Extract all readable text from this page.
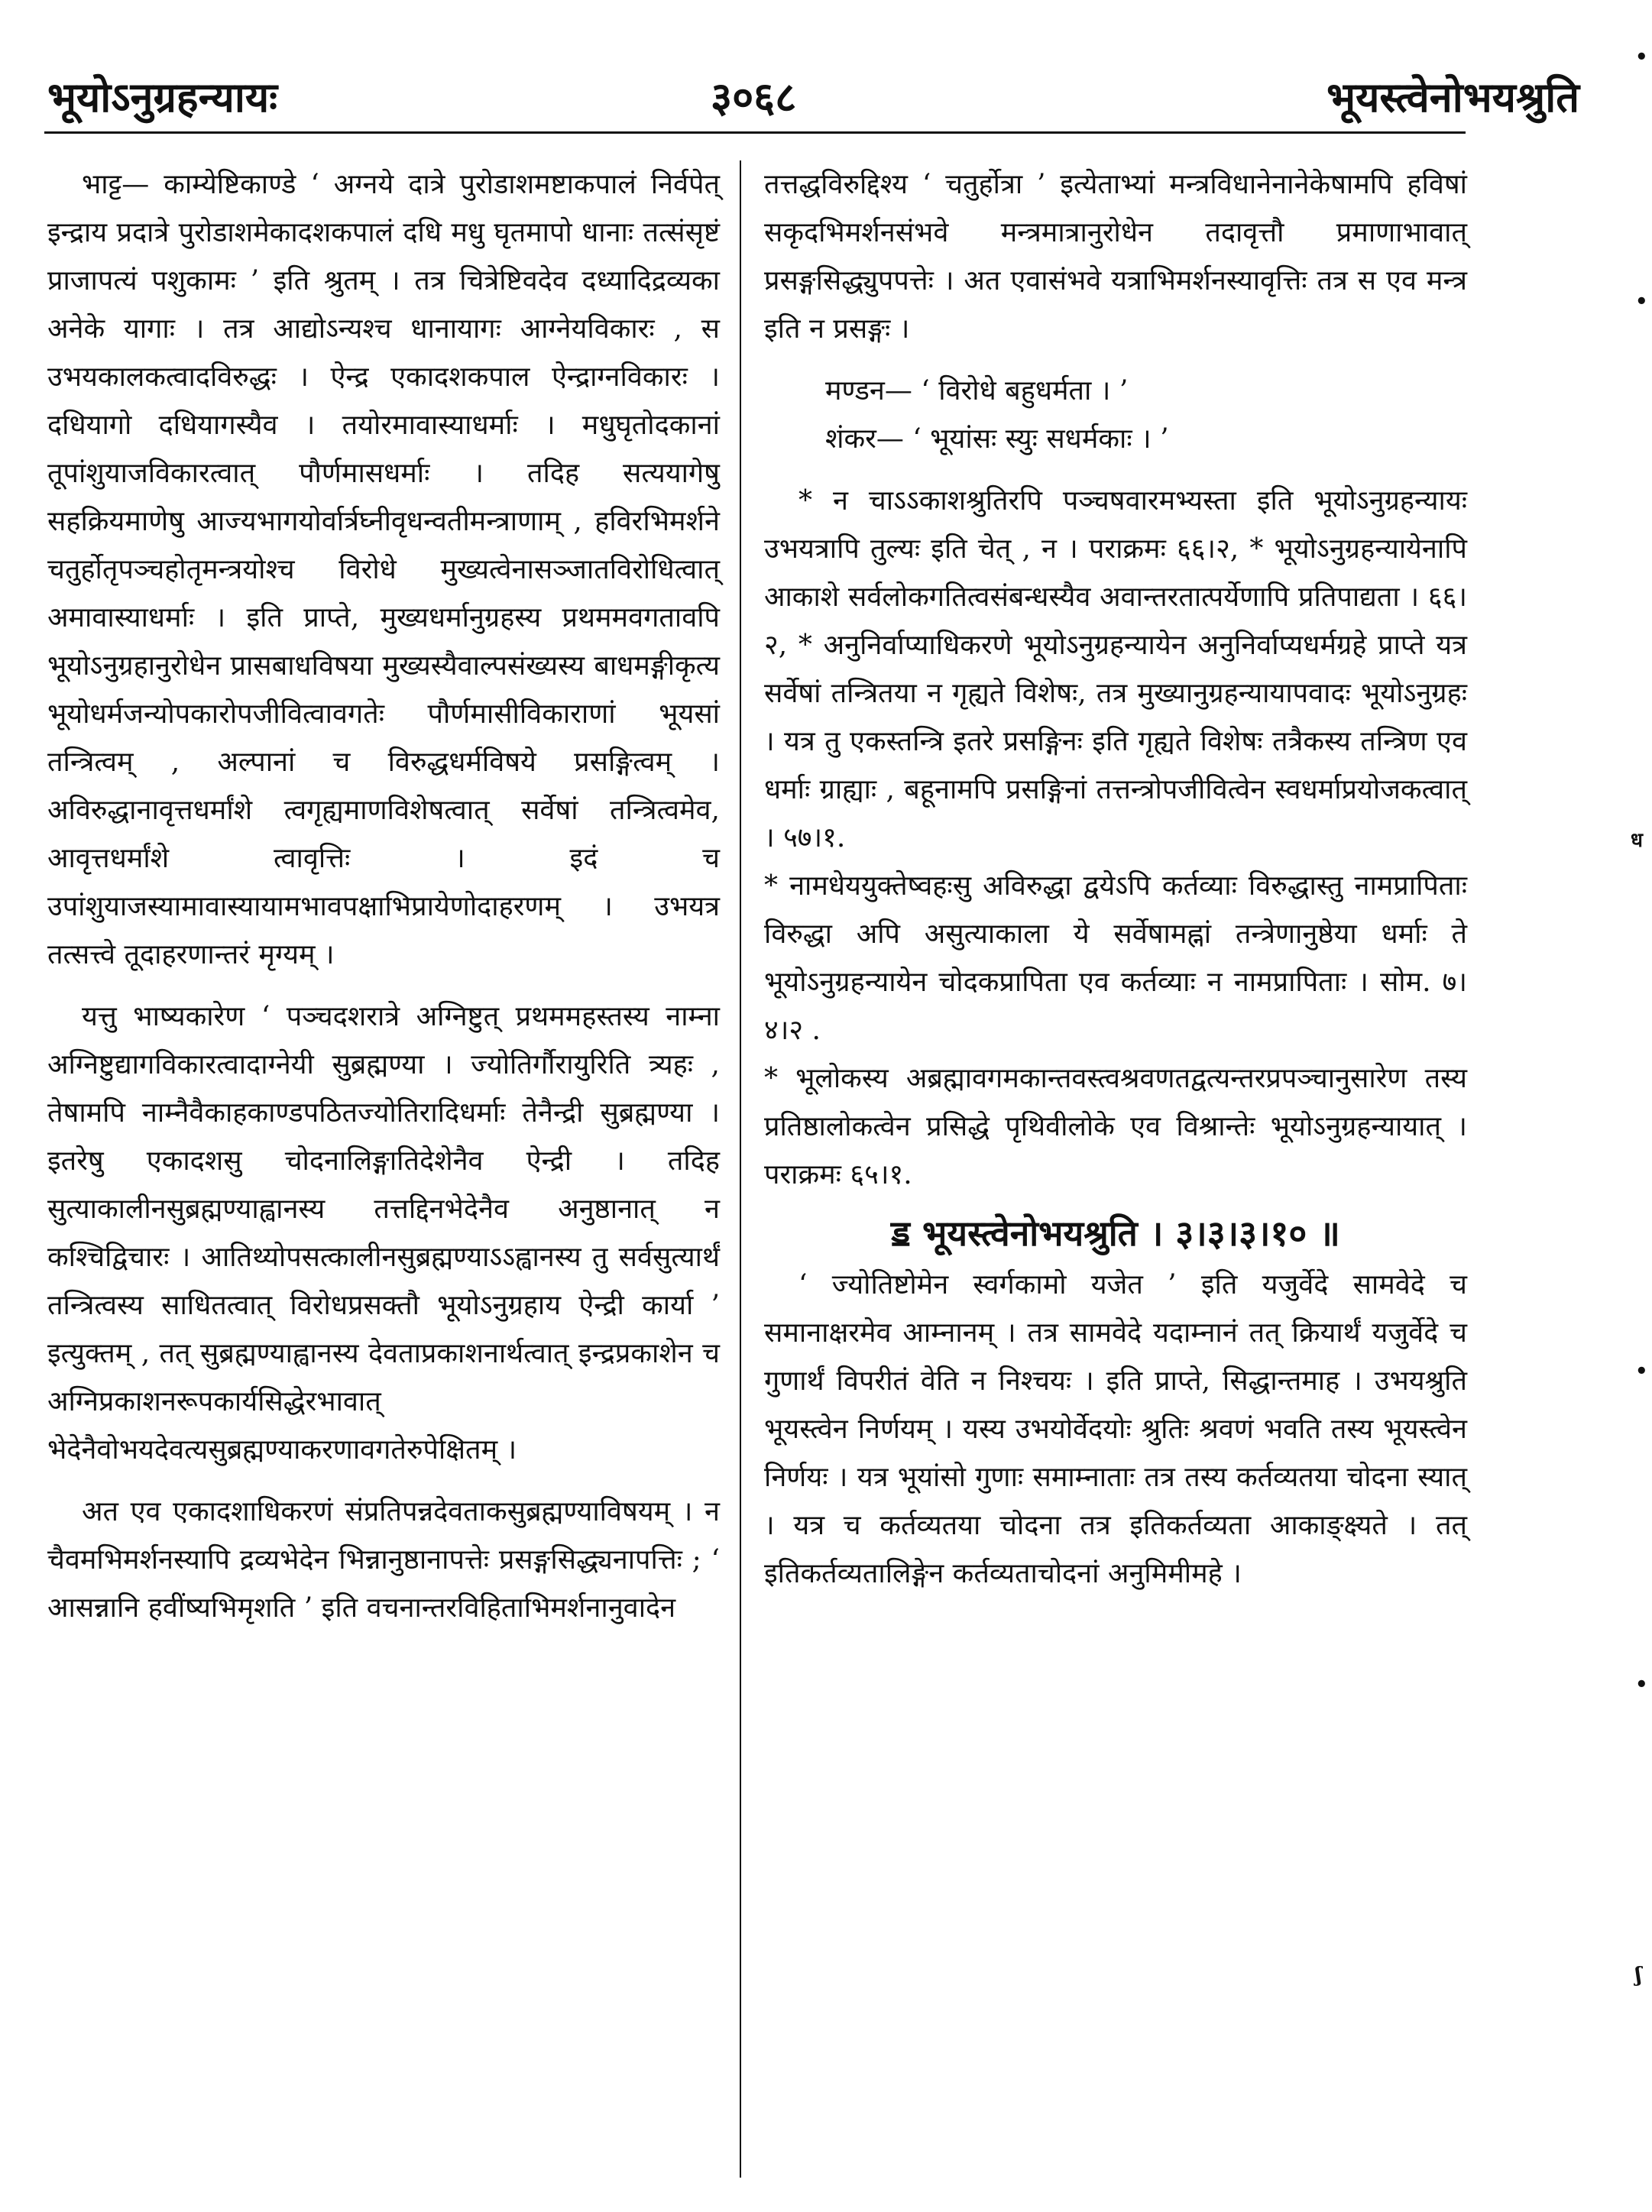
भूयोऽनुग्रहन्यायः	३०६८	भूयस्त्वेनोभयश्रुति

भाट्ट— काम्येष्टिकाण्डे ‘ अग्नये दात्रे पुरोडाशमष्टाकपालं निर्वपेत् इन्द्राय प्रदात्रे पुरोडाशमेकादशकपालं दधि मधु घृतमापो धानाः तत्संसृष्टं प्राजापत्यं पशुकामः ’ इति श्रुतम् । तत्र चित्रेष्टिवदेव दध्यादिद्रव्यका अनेके यागाः । तत्र आद्योऽन्यश्च धानायागः आग्नेयविकारः , स उभयकालकत्वादविरुद्धः । ऐन्द्र एकादशकपाल ऐन्द्राग्नविकारः । दधियागो दधियागस्यैव । तयोरमावास्याधर्माः । मधुघृतोदकानां तूपांशुयाजविकारत्वात् पौर्णमासधर्माः । तदिह सत्ययागेषु सहक्रियमाणेषु आज्यभागयोर्वार्त्रघ्नीवृधन्वतीमन्त्राणाम् , हविरभिमर्शने चतुर्होतृपञ्चहोतृमन्त्रयोश्च विरोधे मुख्यत्वेनासञ्जातविरोधित्वात् अमावास्याधर्माः । इति प्राप्ते, मुख्यधर्मानुग्रहस्य प्रथममवगतावपि भूयोऽनुग्रहानुरोधेन प्रासबाधविषया मुख्यस्यैवाल्पसंख्यस्य बाधमङ्गीकृत्य भूयोधर्मजन्योपकारोपजीवित्वावगतेः पौर्णमासीविकाराणां भूयसां तन्त्रित्वम् , अल्पानां च विरुद्धधर्मविषये प्रसङ्गित्वम् । अविरुद्धानावृत्तधर्मांशे त्वगृह्यमाणविशेषत्वात् सर्वेषां तन्त्रित्वमेव, आवृत्तधर्मांशे त्वावृत्तिः । इदं च उपांशुयाजस्यामावास्यायामभावपक्षाभिप्रायेणोदाहरणम् । उभयत्र तत्सत्त्वे तूदाहरणान्तरं मृग्यम् ।

यत्तु भाष्यकारेण ‘ पञ्चदशरात्रे अग्निष्टुत् प्रथममहस्तस्य नाम्ना अग्निष्टुद्यागविकारत्वादाग्नेयी सुब्रह्मण्या । ज्योतिर्गौरायुरिति त्र्यहः , तेषामपि नाम्नैवैकाहकाण्डपठितज्योतिरादिधर्माः तेनैन्द्री सुब्रह्मण्या । इतरेषु एकादशसु चोदनालिङ्गातिदेशेनैव ऐन्द्री । तदिह सुत्याकालीनसुब्रह्मण्याह्वानस्य तत्तद्दिनभेदेनैव अनुष्ठानात् न कश्चिद्विचारः । आतिथ्योपसत्कालीनसुब्रह्मण्याऽऽह्वानस्य तु सर्वसुत्यार्थं तन्त्रित्वस्य साधितत्वात् विरोधप्रसक्तौ भूयोऽनुग्रहाय ऐन्द्री कार्या ’ इत्युक्तम् , तत् सुब्रह्मण्याह्वानस्य देवताप्रकाशनार्थत्वात् इन्द्रप्रकाशेन च अग्निप्रकाशनरूपकार्यसिद्धेरभावात् भेदेनैवोभयदेवत्यसुब्रह्मण्याकरणावगतेरुपेक्षितम् ।

अत एव एकादशाधिकरणं संप्रतिपन्नदेवताकसुब्रह्मण्याविषयम् । न चैवमभिमर्शनस्यापि द्रव्यभेदेन भिन्नानुष्ठानापत्तेः प्रसङ्गसिद्ध्यनापत्तिः ; ‘ आसन्नानि हवींष्यभिमृशति ’ इति वचनान्तरविहिताभिमर्शनानुवादेन

तत्तद्धविरुद्दिश्य ‘ चतुर्होत्रा ’ इत्येताभ्यां मन्त्रविधानेनानेकेषामपि हविषां सकृदभिमर्शनसंभवे मन्त्रमात्रानुरोधेन तदावृत्तौ प्रमाणाभावात् प्रसङ्गसिद्ध्युपपत्तेः । अत एवासंभवे यत्राभिमर्शनस्यावृत्तिः तत्र स एव मन्त्र इति न प्रसङ्गः ।

मण्डन— ‘ विरोधे बहुधर्मता । ’

शंकर— ‘ भूयांसः स्युः सधर्मकाः । ’

* न चाऽऽकाशश्रुतिरपि पञ्चषवारमभ्यस्ता इति भूयोऽनुग्रहन्यायः उभयत्रापि तुल्यः इति चेत् , न । पराक्रमः ६६।२, * भूयोऽनुग्रहन्यायेनापि आकाशे सर्वलोकगतित्वसंबन्धस्यैव अवान्तरतात्पर्येणापि प्रतिपाद्यता । ६६।२, * अनुनिर्वाप्याधिकरणे भूयोऽनुग्रहन्यायेन अनुनिर्वाप्यधर्मग्रहे प्राप्ते यत्र सर्वेषां तन्त्रितया न गृह्यते विशेषः, तत्र मुख्यानुग्रहन्यायापवादः भूयोऽनुग्रहः । यत्र तु एकस्तन्त्रि इतरे प्रसङ्गिनः इति गृह्यते विशेषः तत्रैकस्य तन्त्रिण एव धर्माः ग्राह्याः , बहूनामपि प्रसङ्गिनां तत्तन्त्रोपजीवित्वेन स्वधर्माप्रयोजकत्वात् । ५७।१.

* नामधेययुक्तेष्वहःसु अविरुद्धा द्वयेऽपि कर्तव्याः विरुद्धास्तु नामप्रापिताः विरुद्धा अपि असुत्याकाला ये सर्वेषामह्नां तन्त्रेणानुष्ठेया धर्माः ते भूयोऽनुग्रहन्यायेन चोदकप्रापिता एव कर्तव्याः न नामप्रापिताः । सोम. ७।४।२ .

* भूलोकस्य अब्रह्मावगमकान्तवस्त्वश्रवणतद्वत्यन्तरप्रपञ्चानुसारेण तस्य प्रतिष्ठालोकत्वेन प्रसिद्धे पृथिवीलोके एव विश्रान्तेः भूयोऽनुग्रहन्यायात् । पराक्रमः ६५।१.

ॾ भूयस्त्वेनोभयश्रुति । ३।३।३।१० ॥

‘ ज्योतिष्टोमेन स्वर्गकामो यजेत ’ इति यजुर्वेदे सामवेदे च समानाक्षरमेव आम्नानम् । तत्र सामवेदे यदाम्नानं तत् क्रियार्थं यजुर्वेदे च गुणार्थं विपरीतं वेति न निश्चयः । इति प्राप्ते, सिद्धान्तमाह । उभयश्रुति भूयस्त्वेन निर्णयम् । यस्य उभयोर्वेदयोः श्रुतिः श्रवणं भवति तस्य भूयस्त्वेन निर्णयः । यत्र भूयांसो गुणाः समाम्नाताः तत्र तस्य कर्तव्यतया चोदना स्यात् । यत्र च कर्तव्यतया चोदना तत्र इतिकर्तव्यता आकाङ्क्ष्यते । तत् इतिकर्तव्यतालिङ्गेन कर्तव्यताचोदनां अनुमिमीमहे ।

•
•
ध
•
•
ʃ
